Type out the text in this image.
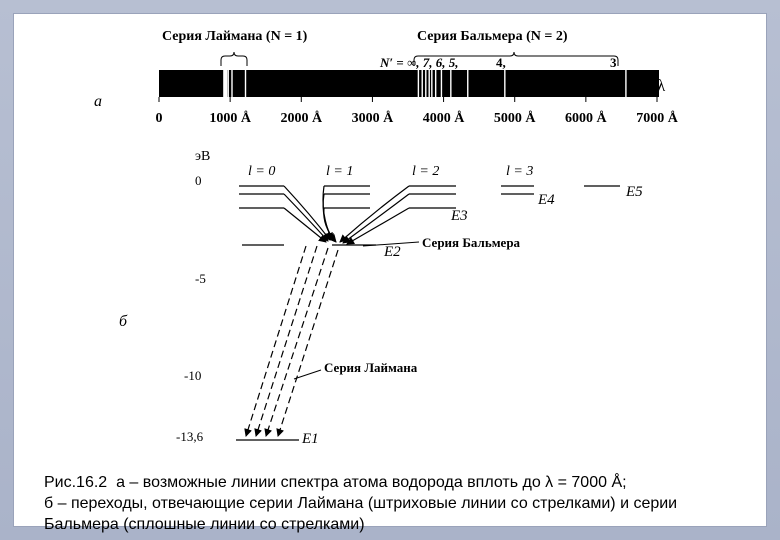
a
0	1000 Å 2000 Å 3000 Å 4000 Å 5000 Å 6000 Å 7000 Å
λ
Серия Лаймана (N = 1)	Серия Бальмера (N = 2)
N′ = ∞, 7, 6, 5,	4,	3
б
эВ
0
-5
-10
-13,6
l = 0	l = 1	l = 2	l = 3
E3
E2
E4	E5
E1
Серия Бальмера
Серия Лаймана
Рис.16.2  а – возможные линии спектра атома водорода вплоть до λ = 7000 Å;
б – переходы, отвечающие серии Лаймана (штриховые линии со стрелками) и серии
Бальмера (сплошные линии со стрелками)
